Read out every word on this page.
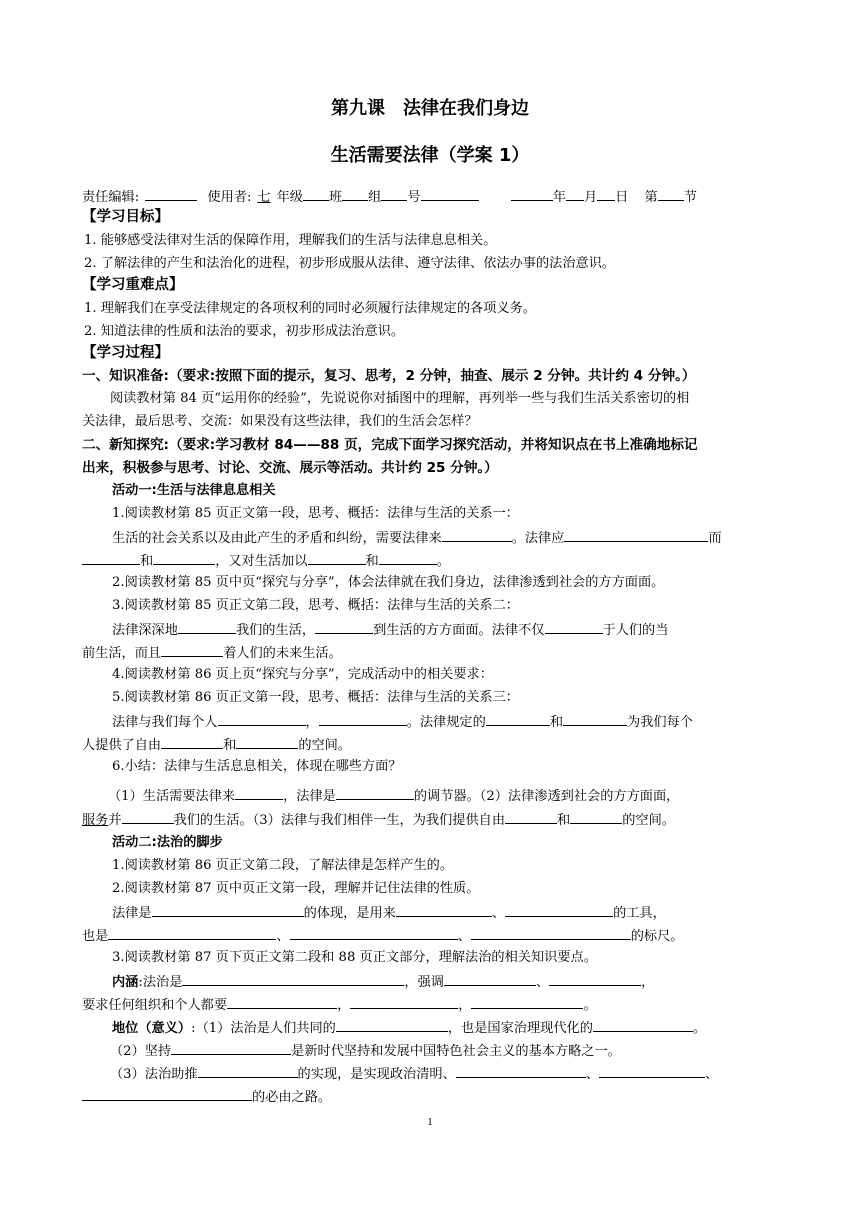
第九课　法律在我们身边
生活需要法律（学案 1）
责任编辑:	使用者: 七 年级 班 组 号	年 月 日 第 节
【学习目标】
1. 能够感受法律对生活的保障作用，理解我们的生活与法律息息相关。
2. 了解法律的产生和法治化的进程，初步形成服从法律、遵守法律、依法办事的法治意识。
【学习重难点】
1. 理解我们在享受法律规定的各项权利的同时必须履行法律规定的各项义务。
2. 知道法律的性质和法治的要求，初步形成法治意识。
【学习过程】
一、知识准备:（要求:按照下面的提示，复习、思考，2 分钟，抽查、展示 2 分钟。共计约 4 分钟。）
阅读教材第 84 页“运用你的经验”，先说说你对插图中的理解，再列举一些与我们生活关系密切的相
关法律，最后思考、交流：如果没有这些法律，我们的生活会怎样？
二、新知探究:（要求:学习教材 84——88 页，完成下面学习探究活动，并将知识点在书上准确地标记
出来，积极参与思考、讨论、交流、展示等活动。共计约 25 分钟。）
活动一:生活与法律息息相关
1.阅读教材第 85 页正文第一段，思考、概括：法律与生活的关系一：
生活的社会关系以及由此产生的矛盾和纠纷，需要法律来	。法律应	而
和	，又对生活加以	和	。
2.阅读教材第 85 页中页“探究与分享”，体会法律就在我们身边，法律渗透到社会的方方面面。
3.阅读教材第 85 页正文第二段，思考、概括：法律与生活的关系二：
法律深深地	我们的生活，	到生活的方方面面。法律不仅	于人们的当
前生活，而且	着人们的未来生活。
4.阅读教材第 86 页上页“探究与分享”，完成活动中的相关要求：
5.阅读教材第 86 页正文第一段，思考、概括：法律与生活的关系三：
法律与我们每个人	，	。法律规定的	和	为我们每个
人提供了自由	和	的空间。
6.小结：法律与生活息息相关，体现在哪些方面？
（1）生活需要法律来	，法律是	的调节器。（2）法律渗透到社会的方方面面，
服务并	我们的生活。（3）法律与我们相伴一生，为我们提供自由	和	的空间。
活动二:法治的脚步
1.阅读教材第 86 页正文第二段，了解法律是怎样产生的。
2.阅读教材第 87 页中页正文第一段，理解并记住法律的性质。
法律是	的体现，是用来	、	的工具，
也是	、	、	的标尺。
3.阅读教材第 87 页下页正文第二段和 88 页正文部分，理解法治的相关知识要点。
内涵:法治是	，强调	、	，
要求任何组织和个人都要	，	，	。
地位（意义）:（1）法治是人们共同的	，也是国家治理现代化的	。
（2）坚持	是新时代坚持和发展中国特色社会主义的基本方略之一。
（3）法治助推	的实现，是实现政治清明、	、	、
的必由之路。
1
